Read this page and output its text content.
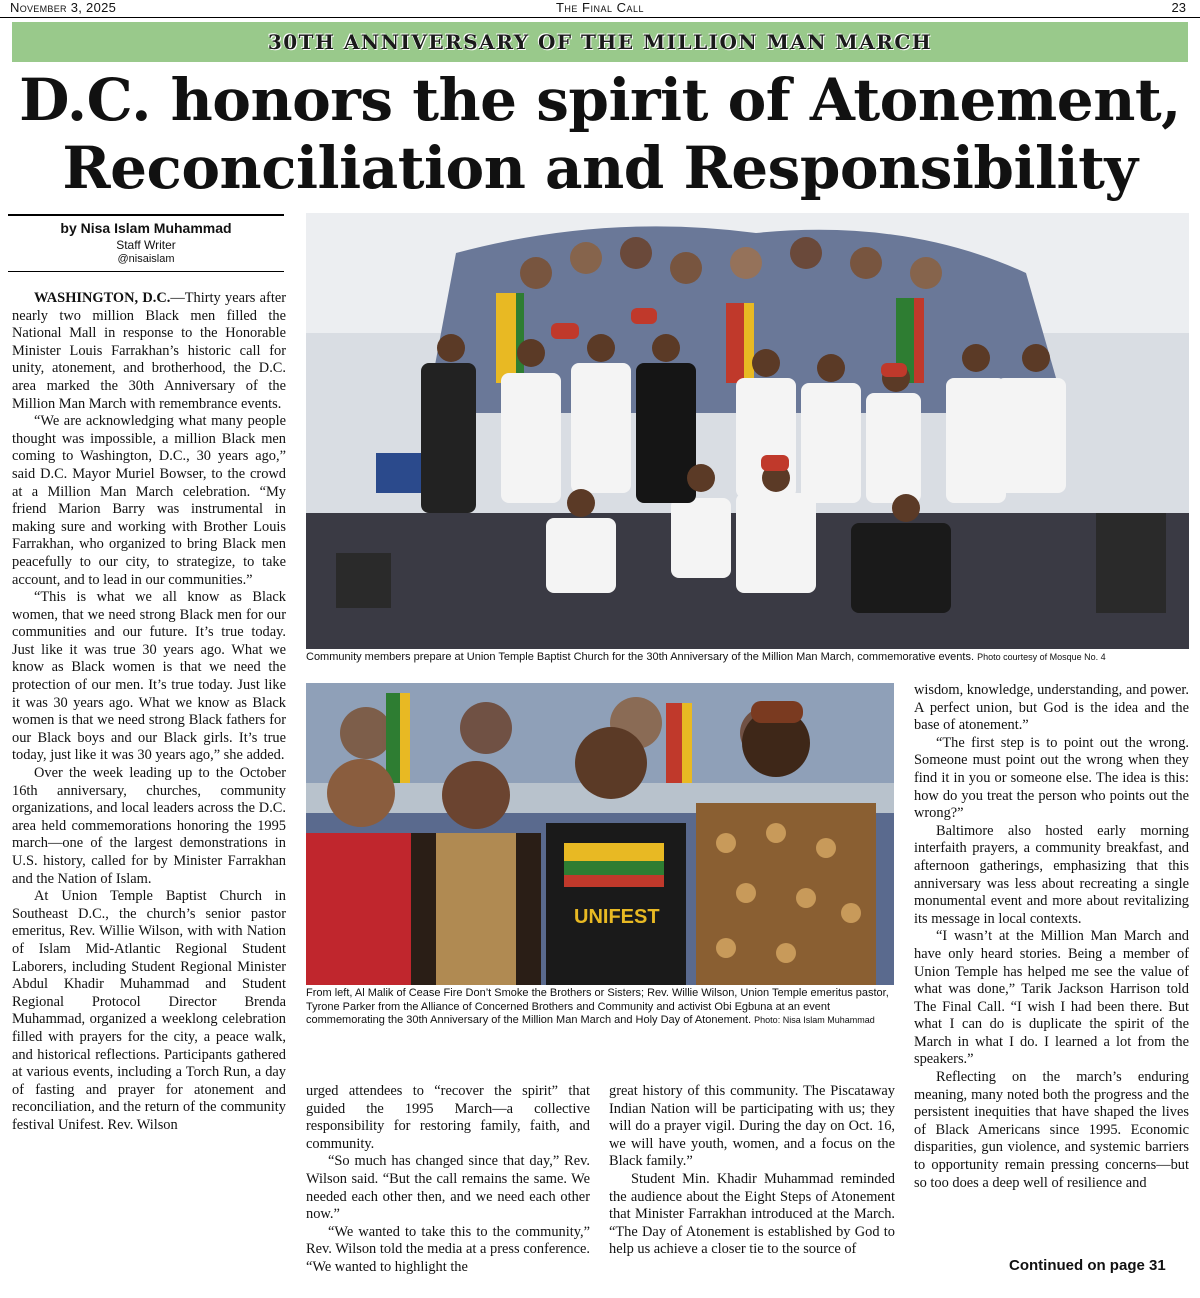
November 3, 2025	The Final Call	23
30TH ANNIVERSARY OF THE MILLION MAN MARCH
D.C. honors the spirit of Atonement,
Reconciliation and Responsibility
by Nisa Islam Muhammad
Staff Writer
@nisaislam

WASHINGTON, D.C.—Thirty years after nearly two million Black men filled the National Mall in response to the Honorable Minister Louis Farrakhan’s historic call for unity, atonement, and brotherhood, the D.C. area marked the 30th Anniversary of the Million Man March with remembrance events.

“We are acknowledging what many people thought was impossible, a million Black men coming to Washington, D.C., 30 years ago,” said D.C. Mayor Muriel Bowser, to the crowd at a Million Man March celebration. “My friend Marion Barry was instrumental in making sure and working with Brother Louis Farrakhan, who organized to bring Black men peacefully to our city, to strategize, to take account, and to lead in our communities.”

“This is what we all know as Black women, that we need strong Black men for our communities and our future. It’s true today. Just like it was true 30 years ago. What we know as Black women is that we need the protection of our men. It’s true today. Just like it was 30 years ago. What we know as Black women is that we need strong Black fathers for our Black boys and our Black girls. It’s true today, just like it was 30 years ago,” she added.

Over the week leading up to the October 16th anniversary, churches, community organizations, and local leaders across the D.C. area held commemorations honoring the 1995 march—one of the largest demonstrations in U.S. history, called for by Minister Farrakhan and the Nation of Islam.

At Union Temple Baptist Church in Southeast D.C., the church’s senior pastor emeritus, Rev. Willie Wilson, with with Nation of Islam Mid-Atlantic Regional Student Laborers, including Student Regional Minister Abdul Khadir Muhammad and Student Regional Protocol Director Brenda Muhammad, organized a weeklong celebration filled with prayers for the city, a peace walk, and historical reflections. Participants gathered at various events, including a Torch Run, a day of fasting and prayer for atonement and reconciliation, and the return of the community festival Unifest. Rev. Wilson

Community members prepare at Union Temple Baptist Church for the 30th Anniversary of the Million Man March, commemorative events. Photo courtesy of Mosque No. 4
UNIFEST
From left, Al Malik of Cease Fire Don’t Smoke the Brothers or Sisters; Rev. Willie Wilson, Union Temple emeritus pastor, Tyrone Parker from the Alliance of Concerned Brothers and Community and activist Obi Egbuna at an event commemorating the 30th Anniversary of the Million Man March and Holy Day of Atonement. Photo: Nisa Islam Muhammad

urged attendees to “recover the spirit” that guided the 1995 March—a collective responsibility for restoring family, faith, and community.

“So much has changed since that day,” Rev. Wilson said. “But the call remains the same. We needed each other then, and we need each other now.”

“We wanted to take this to the community,” Rev. Wilson told the media at a press conference. “We wanted to highlight the

great history of this community. The Piscataway Indian Nation will be participating with us; they will do a prayer vigil. During the day on Oct. 16, we will have youth, women, and a focus on the Black family.”

Student Min. Khadir Muhammad reminded the audience about the Eight Steps of Atonement that Minister Farrakhan introduced at the March. “The Day of Atonement is established by God to help us achieve a closer tie to the source of

wisdom, knowledge, understanding, and power. A perfect union, but God is the idea and the base of atonement.”

“The first step is to point out the wrong. Someone must point out the wrong when they find it in you or someone else. The idea is this: how do you treat the person who points out the wrong?”

Baltimore also hosted early morning interfaith prayers, a community breakfast, and afternoon gatherings, emphasizing that this anniversary was less about recreating a single monumental event and more about revitalizing its message in local contexts.

“I wasn’t at the Million Man March and have only heard stories. Being a member of Union Temple has helped me see the value of what was done,” Tarik Jackson Harrison told The Final Call. “I wish I had been there. But what I can do is duplicate the spirit of the March in what I do. I learned a lot from the speakers.”

Reflecting on the march’s enduring meaning, many noted both the progress and the persistent inequities that have shaped the lives of Black Americans since 1995. Economic disparities, gun violence, and systemic barriers to opportunity remain pressing concerns—but so too does a deep well of resilience and

Continued on page 31
